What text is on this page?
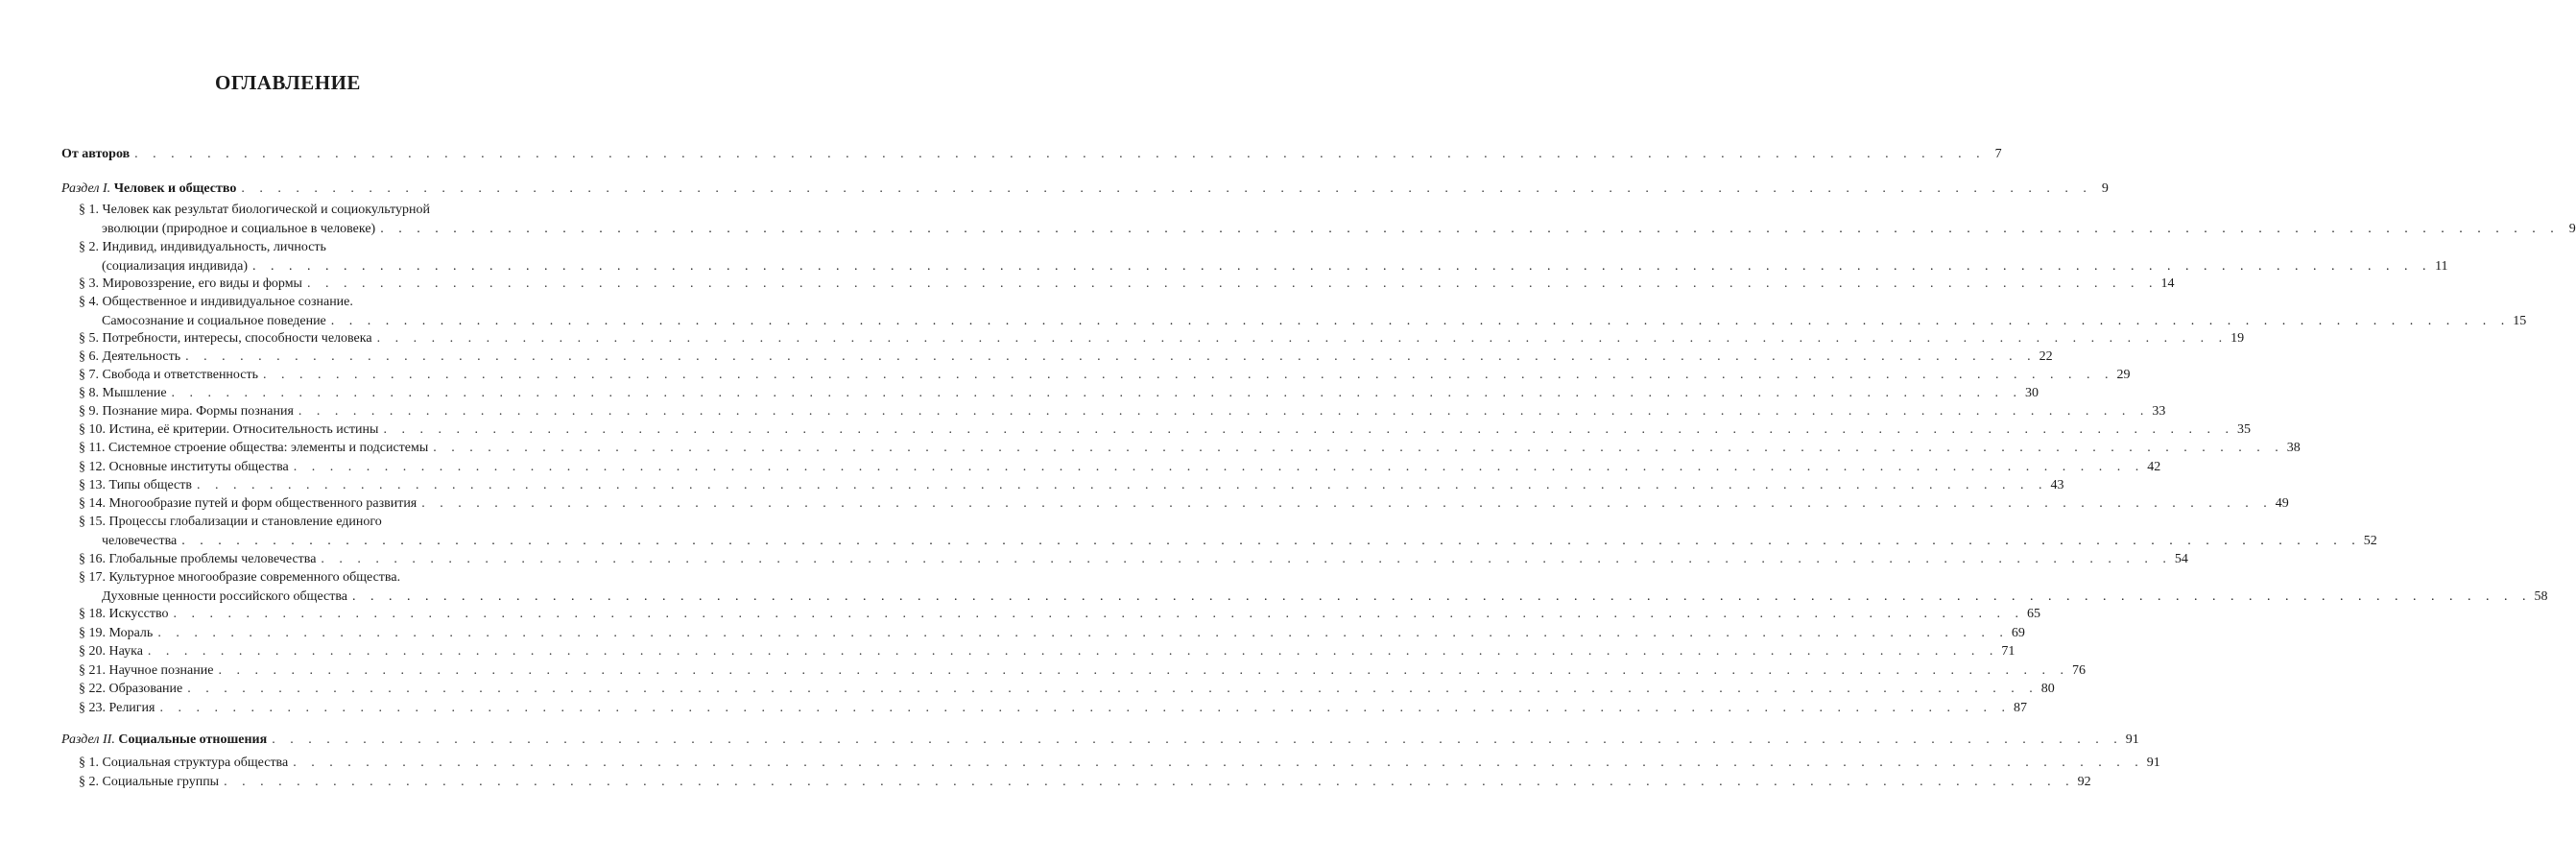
ОГЛАВЛЕНИЕ
От авторов . . .	7
Раздел I. Человек и общество . . .	9
§ 1. Человек как результат биологической и социокультурной
эволюции (природное и социальное в человеке) . . . . . . . . . . . . . . . . . . . . . . . . . . . . . . . . . . . . . . . . . . . . . . . . . . . . . . . . . . . . . . . . . . . . . . . . . . . . . . . . . . . . . . . . . . . . . . . . . . . . . . . . . . . . . . . . . . . . . . . . 9
§ 2. Индивид, индивидуальность, личность
(социализация индивида) . . . . . . . . . . . . . . . . . . . . . . . . . . . . . . . . . . . . . . . . . . . . . . . . . . . . . . . . . . . . . . . . . . . . . . . . . . . . . . . . . . . . . . . . . . . . . . . . . . . . . . . . . . . . . . . . . . . . . . . . 11
§ 3. Мировоззрение, его виды и формы . . .	14
§ 4. Общественное и индивидуальное сознание.
Самосознание и социальное поведение . . . . . . . . . . . . . . . . . . . . . . . . . . . . . . . . . . . . . . . . . . . . . . . . . . . . . . . . . . . . . . . . . . . . . . . . . . . . . . . . . . . . . . . . . . . . . . . . . . . . . . . . . . . . . . . . . . . . . . . . 15
§ 5. Потребности, интересы, способности человека . . .	19
§ 6. Деятельность . . .	22
§ 7. Свобода и ответственность . . .	29
§ 8. Мышление . . .	30
§ 9. Познание мира. Формы познания . . .	33
§ 10. Истина, её критерии. Относительность истины . . .	35
§ 11. Системное строение общества: элементы и подсистемы . . .	38
§ 12. Основные институты общества . . .	42
§ 13. Типы обществ . . .	43
§ 14. Многообразие путей и форм общественного развития . . .	49
§ 15. Процессы глобализации и становление единого
человечества . . . . . . . . . . . . . . . . . . . . . . . . . . . . . . . . . . . . . . . . . . . . . . . . . . . . . . . . . . . . . . . . . . . . . . . . . . . . . . . . . . . . . . . . . . . . . . . . . . . . . . . . . . . . . . . . . . . . . . . . 52
§ 16. Глобальные проблемы человечества . . .	54
§ 17. Культурное многообразие современного общества.
Духовные ценности российского общества . . . . . . . . . . . . . . . . . . . . . . . . . . . . . . . . . . . . . . . . . . . . . . . . . . . . . . . . . . . . . . . . . . . . . . . . . . . . . . . . . . . . . . . . . . . . . . . . . . . . . . . . . . . . . . . . . . . . . . . . 58
§ 18. Искусство . . .	65
§ 19. Мораль . . .	69
§ 20. Наука . . .	71
§ 21. Научное познание . . .	76
§ 22. Образование . . .	80
§ 23. Религия . . .	87
Раздел II. Социальные отношения . . .	91
§ 1. Социальная структура общества . . .	91
§ 2. Социальные группы . . .	92
